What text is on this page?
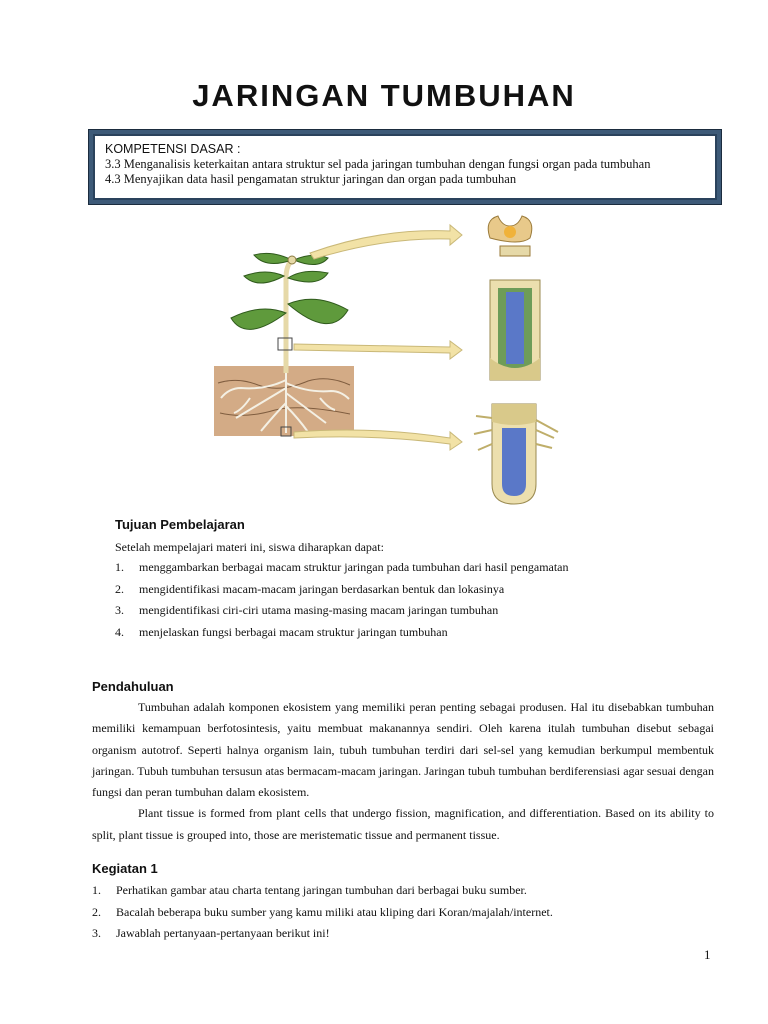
JARINGAN TUMBUHAN
KOMPETENSI DASAR :
3.3 Menganalisis keterkaitan antara struktur sel pada jaringan tumbuhan dengan fungsi organ pada tumbuhan
4.3 Menyajikan data hasil pengamatan struktur jaringan dan organ pada tumbuhan
Tujuan Pembelajaran
Setelah mempelajari materi ini, siswa diharapkan dapat:
1. menggambarkan berbagai macam struktur jaringan pada tumbuhan dari hasil pengamatan
2. mengidentifikasi macam-macam jaringan berdasarkan bentuk dan lokasinya
3. mengidentifikasi ciri-ciri utama masing-masing macam jaringan tumbuhan
4. menjelaskan fungsi berbagai macam struktur jaringan tumbuhan
Pendahuluan

Tumbuhan adalah komponen ekosistem yang memiliki peran penting sebagai produsen. Hal itu disebabkan tumbuhan memiliki kemampuan berfotosintesis, yaitu membuat makanannya sendiri. Oleh karena itulah tumbuhan disebut sebagai organism autotrof. Seperti halnya organism lain, tubuh tumbuhan terdiri dari sel-sel yang kemudian berkumpul membentuk jaringan. Tubuh tumbuhan tersusun atas bermacam-macam jaringan. Jaringan tubuh tumbuhan berdiferensiasi agar sesuai dengan fungsi dan peran tumbuhan dalam ekosistem.

Plant tissue is formed from plant cells that undergo fission, magnification, and differentiation. Based on its ability to split, plant tissue is grouped into, those are meristematic tissue and permanent tissue.

Kegiatan 1
1. Perhatikan gambar atau charta tentang jaringan tumbuhan dari berbagai buku sumber.
2. Bacalah beberapa buku sumber yang kamu miliki atau kliping dari Koran/majalah/internet.
3. Jawablah pertanyaan-pertanyaan berikut ini!
1
